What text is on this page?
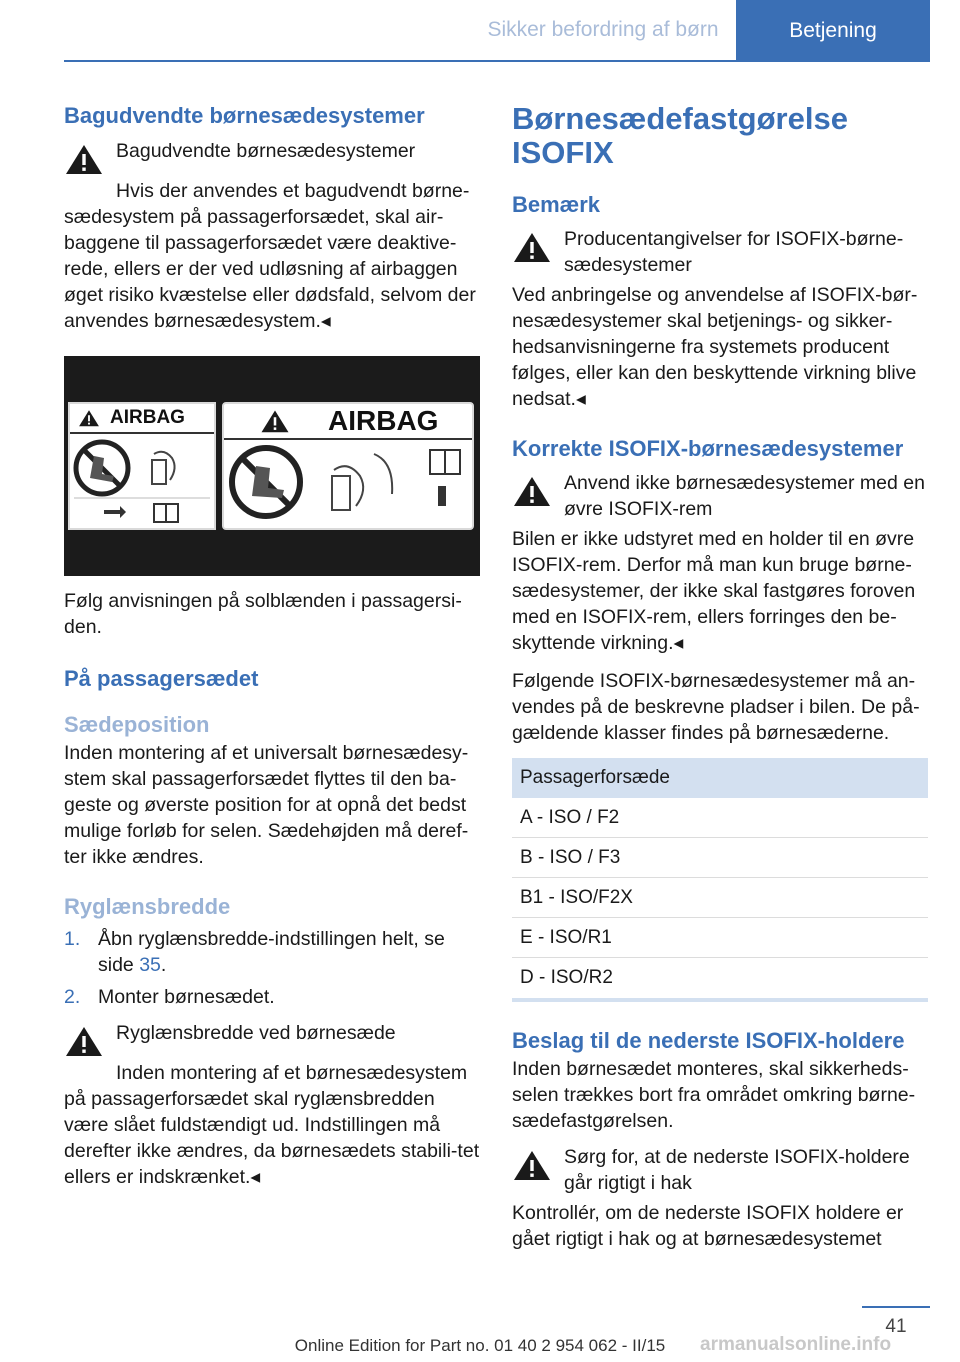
Sikker befordring af børn	Betjening
Bagudvendte børnesædesystemer
Bagudvendte børnesædesystemer
Hvis der anvendes et bagudvendt børne-sædesystem på passagerforsædet, skal air-baggene til passagerforsædet være deaktive-rede, ellers er der ved udløsning af airbaggen øget risiko kvæstelse eller dødsfald, selvom der anvendes børnesædesystem.◂
AIRBAG	AIRBAG
Følg anvisningen på solblænden i passagersi-den.
På passagersædet
Sædeposition
Inden montering af et universalt børnesædesy-stem skal passagerforsædet flyttes til den ba-geste og øverste position for at opnå det bedst mulige forløb for selen. Sædehøjden må deref-ter ikke ændres.
Ryglænsbredde
1. Åbn ryglænsbredde-indstillingen helt, se side 35.
2. Monter børnesædet.
Ryglænsbredde ved børnesæde
Inden montering af et børnesædesystem på passagerforsædet skal ryglænsbredden være slået fuldstændigt ud. Indstillingen må derefter ikke ændres, da børnesædets stabili-tet ellers er indskrænket.◂
Børnesædefastgørelse ISOFIX
Bemærk
Producentangivelser for ISOFIX-børne-sædesystemer
Ved anbringelse og anvendelse af ISOFIX-bør-nesædesystemer skal betjenings- og sikker-hedsanvisningerne fra systemets producent følges, eller kan den beskyttende virkning blive nedsat.◂
Korrekte ISOFIX-børnesædesystemer
Anvend ikke børnesædesystemer med en øvre ISOFIX-rem
Bilen er ikke udstyret med en holder til en øvre ISOFIX-rem. Derfor må man kun bruge børne-sædesystemer, der ikke skal fastgøres foroven med en ISOFIX-rem, ellers forringes den be-skyttende virkning.◂
Følgende ISOFIX-børnesædesystemer må an-vendes på de beskrevne pladser i bilen. De på-gældende klasser findes på børnesæderne.
Passagerforsæde
A - ISO / F2
B - ISO / F3
B1 - ISO/F2X
E - ISO/R1
D - ISO/R2
Beslag til de nederste ISOFIX-holdere
Inden børnesædet monteres, skal sikkerheds-selen trækkes bort fra området omkring børne-sædefastgørelsen.
Sørg for, at de nederste ISOFIX-holdere går rigtigt i hak
Kontrollér, om de nederste ISOFIX holdere er gået rigtigt i hak og at børnesædesystemet
41
armanualsonline.info
Online Edition for Part no. 01 40 2 954 062 - II/15
